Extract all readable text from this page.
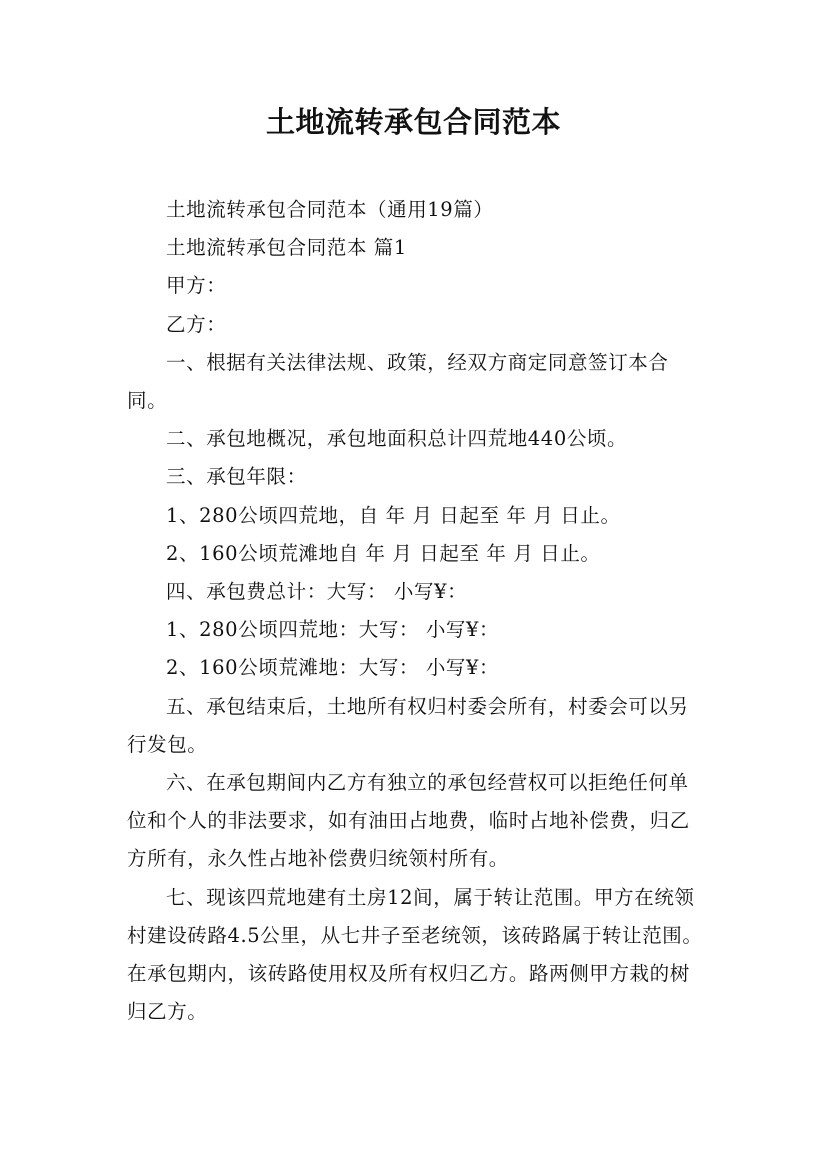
土地流转承包合同范本

土地流转承包合同范本（通用19篇）

土地流转承包合同范本 篇1

甲方：

乙方：

一、根据有关法律法规、政策，经双方商定同意签订本合同。

二、承包地概况，承包地面积总计四荒地440公顷。

三、承包年限：

1、280公顷四荒地，自 年 月 日起至 年 月 日止。

2、160公顷荒滩地自 年 月 日起至 年 月 日止。

四、承包费总计：大写： 小写¥：

1、280公顷四荒地：大写： 小写¥：

2、160公顷荒滩地：大写： 小写¥：

五、承包结束后，土地所有权归村委会所有，村委会可以另行发包。

六、在承包期间内乙方有独立的承包经营权可以拒绝任何单位和个人的非法要求，如有油田占地费，临时占地补偿费，归乙方所有，永久性占地补偿费归统领村所有。

七、现该四荒地建有土房12间，属于转让范围。甲方在统领村建设砖路4.5公里，从七井子至老统领，该砖路属于转让范围。在承包期内，该砖路使用权及所有权归乙方。路两侧甲方栽的树归乙方。
